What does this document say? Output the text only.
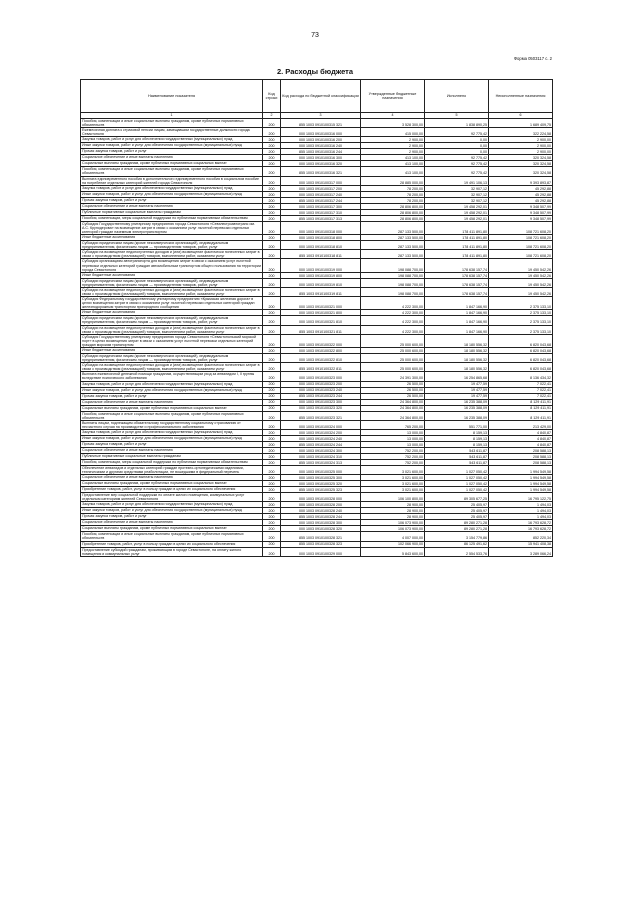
73
Форма 0503117 с. 2
2. Расходы бюджета
Наименование показателя	Код строки	Код расхода по бюджетной классификации	Утвержденные бюджетные назначения	Исполнено	Неисполненные назначения
1	2	3	4	5	6
Пособия, компенсации и иные социальные выплаты гражданам, кроме публичных нормативных обязательств	200	855 1003 0910100315 321	3 528 300,00	1 838 890,25	1 689 409,75
Ежемесячная доплата к страховой пенсии лицам, замещавшим государственные должности города Севастополя	200	000 1003 0910100316 000	415 000,00	92 775,42	322 224,58
Закупка товаров, работ и услуг для обеспечения государственных (муниципальных) нужд	200	000 1003 0910100316 200	2 900,00	0,00	2 900,00
Иные закупки товаров, работ и услуг для обеспечения государственных (муниципальных) нужд	200	000 1003 0910100316 240	2 900,00	0,00	2 900,00
Прочая закупка товаров, работ и услуг	200	855 1003 0910100316 244	2 900,00	0,00	2 900,00
Социальное обеспечение и иные выплаты населению	200	000 1003 0910100316 300	413 100,00	92 775,42	320 324,58
Социальные выплаты гражданам, кроме публичных нормативных социальных выплат	200	000 1003 0910100316 320	413 100,00	92 775,42	320 324,58
Пособия, компенсации и иные социальные выплаты гражданам, кроме публичных нормативных обязательств	200	855 1003 0910100316 321	413 100,00	92 775,42	320 324,58
Выплата единовременного пособия в дополнительного единовременного пособия в социальном пособие на погребение отдельных категорий жителей города Севастополя	200	000 1003 0910100317 000	28 885 000,00	19 491 106,13	9 393 893,87
Закупка товаров, работ и услуг для обеспечения государственных (муниципальных) нужд	200	000 1003 0910100317 200	78 200,00	32 907,12	45 292,88
Иные закупки товаров, работ и услуг для обеспечения государственных (муниципальных) нужд	200	000 1003 0910100317 240	78 200,00	32 907,12	45 292,88
Прочая закупка товаров, работ и услуг	200	855 1003 0910100317 244	78 200,00	32 907,12	45 292,88
Социальное обеспечение и иные выплаты населению	200	000 1003 0910100317 300	28 806 800,00	19 458 292,01	9 348 507,99
Публичные нормативные социальные выплаты гражданам	200	000 1003 0910100317 310	28 806 800,00	19 458 292,01	9 348 507,99
Пособия, компенсации, меры социальной поддержки по публичным нормативным обязательствам	200	855 1003 0910100317 313	28 806 800,00	19 458 292,01	9 348 507,99
Субсидия Государственному унитарному предприятию города Севастополя «Севэлектроавтотранс им. А.С. Круподерова» на возмещение затрат в связи с оказанием услуг льготной перевозки отдельных категорий граждан наземным электротранспортом	200	000 1003 0910100318 000	287 133 500,00	178 411 891,80	108 721 608,20
Иные бюджетные ассигнования	200	000 1003 0910100318 800	287 133 500,00	178 411 891,80	108 721 608,20
Субсидии юридическим лицам (кроме некоммерческих организаций), индивидуальным предпринимателям, физическим лицам — производителям товаров, работ, услуг	200	000 1003 0910100318 810	287 133 500,00	178 411 891,80	108 721 608,20
Субсидии на возмещение недополученных доходов и (или) возмещение фактически понесенных затрат в связи с производством (реализацией) товаров, выполнением работ, оказанием услуг	200	855 1003 0910100318 811	287 133 500,00	178 411 891,80	108 721 608,20
Субсидия организациям автотранспорта для возмещения затрат в связи с оказанием услуг льготной перевозки отдельных категорий граждан автомобильным транспортом общего пользования на территории города Севастополя	200	000 1003 0910100319 000	198 088 700,00	178 638 157,74	19 450 542,26
Иные бюджетные ассигнования	200	000 1003 0910100319 800	198 088 700,00	178 638 157,74	19 450 542,26
Субсидии юридическим лицам (кроме некоммерческих организаций), индивидуальным предпринимателям, физическим лицам — производителям товаров, работ, услуг	200	000 1003 0910100319 810	198 088 700,00	178 638 157,74	19 450 542,26
Субсидии на возмещение недополученных доходов и (или) возмещение фактически понесенных затрат в связи с производством (реализацией) товаров, выполнением работ, оказанием услуг	200	855 1003 0910100319 811	198 088 700,00	178 638 157,74	19 450 542,26
Субсидия Федеральному государственному унитарному предприятию «Крымская железная дорога» в целях возмещения затрат в связи с оказанием услуг льготной перевозки отдельных категорий граждан железнодорожным транспортом пригородного сообщения	200	000 1003 0910100321 000	4 222 300,00	1 847 166,90	2 375 133,10
Иные бюджетные ассигнования	200	000 1003 0910100321 800	4 222 300,00	1 847 166,90	2 375 133,10
Субсидии юридическим лицам (кроме некоммерческих организаций), индивидуальным предпринимателям, физическим лицам — производителям товаров, работ, услуг	200	000 1003 0910100321 810	4 222 300,00	1 847 166,90	2 375 133,10
Субсидии на возмещение недополученных доходов и (или) возмещение фактически понесенных затрат в связи с производством (реализацией) товаров, выполнением работ, оказанием услуг	200	855 1003 0910100321 811	4 222 300,00	1 847 166,90	2 375 133,10
Субсидия Государственному унитарному предприятию города Севастополя «Севастопольский морской порт» в целях возмещения затрат в связи с оказанием услуг льготной перевозки отдельных категорий граждан морским транспортом	200	000 1003 0910100322 000	25 000 600,00	18 180 556,32	6 820 043,68
Иные бюджетные ассигнования	200	000 1003 0910100322 800	25 000 600,00	18 180 556,32	6 820 043,68
Субсидии юридическим лицам (кроме некоммерческих организаций), индивидуальным предпринимателям, физическим лицам — производителям товаров, работ, услуг	200	000 1003 0910100322 810	25 000 600,00	18 180 556,32	6 820 043,68
Субсидии на возмещение недополученных доходов и (или) возмещение фактически понесенных затрат в связи с производством (реализацией) товаров, выполнением работ, оказанием услуг	200	855 1003 0910100322 811	25 000 600,00	18 180 556,32	6 820 043,68
Выплата ежемесячной денежной помощи гражданам, осуществляющим уход за инвалидом I, II группы вследствие психического заболевания	200	000 1003 0910100323 000	24 391 300,00	16 254 865,68	8 136 434,32
Закупка товаров, работ и услуг для обеспечения государственных (муниципальных) нужд	200	000 1003 0910100323 200	26 500,00	19 477,59	7 022,41
Иные закупки товаров, работ и услуг для обеспечения государственных (муниципальных) нужд	200	000 1003 0910100323 240	26 500,00	19 477,59	7 022,41
Прочая закупка товаров, работ и услуг	200	855 1003 0910100323 244	26 500,00	19 477,59	7 022,41
Социальное обеспечение и иные выплаты населению	200	000 1003 0910100323 300	24 364 800,00	16 235 388,09	8 129 411,91
Социальные выплаты гражданам, кроме публичных нормативных социальных выплат	200	000 1003 0910100323 320	24 364 800,00	16 235 388,09	8 129 411,91
Пособия, компенсации и иные социальные выплаты гражданам, кроме публичных нормативных обязательств	200	855 1003 0910100323 321	24 364 800,00	16 235 388,09	8 129 411,91
Выплаты лицам, подлежащим обязательному государственному социальному страхованию от несчастного случая на производстве и профессионального заболевания	200	000 1003 0910100324 000	765 200,00	551 771,00	213 429,00
Закупка товаров, работ и услуг для обеспечения государственных (муниципальных) нужд	200	000 1003 0910100324 200	13 000,00	8 159,13	4 840,87
Иные закупки товаров, работ и услуг для обеспечения государственных (муниципальных) нужд	200	000 1003 0910100324 240	13 000,00	8 159,13	4 840,87
Прочая закупка товаров, работ и услуг	200	855 1003 0910100324 244	13 000,00	8 159,13	4 840,87
Социальное обеспечение и иные выплаты населению	200	000 1003 0910100324 300	752 200,00	543 611,87	208 588,13
Публичные нормативные социальные выплаты гражданам	200	000 1003 0910100324 310	752 200,00	543 611,87	208 588,13
Пособия, компенсации, меры социальной поддержки по публичным нормативным обязательствам	200	855 1003 0910100324 313	752 200,00	543 611,87	208 588,13
Обеспечение инвалидов и отдельных категорий граждан протезно-ортопедическими изделиями, техническими и другими средствами реабилитации, не вошедшими в федеральный перечень	200	000 1003 0910100325 000	3 021 600,00	1 027 050,42	1 994 549,58
Социальное обеспечение и иные выплаты населению	200	000 1003 0910100325 300	3 021 600,00	1 027 050,42	1 994 549,58
Социальные выплаты гражданам, кроме публичных нормативных социальных выплат	200	000 1003 0910100325 320	3 021 600,00	1 027 050,42	1 994 549,58
Приобретение товаров, работ, услуг в пользу граждан в целях их социального обеспечения	200	855 1003 0910100325 323	3 021 600,00	1 027 050,42	1 994 549,58
Предоставление мер социальной поддержки по оплате жилого помещения, коммунальных услуг отдельным категориям жителей Севастополя	200	000 1003 0910100328 000	106 100 800,00	89 305 677,25	16 795 122,75
Закупка товаров, работ и услуг для обеспечения государственных (муниципальных) нужд	200	000 1003 0910100328 200	28 900,00	25 405,97	1 494,03
Иные закупки товаров, работ и услуг для обеспечения государственных (муниципальных) нужд	200	000 1003 0910100328 240	28 900,00	25 405,97	1 494,03
Прочая закупка товаров, работ и услуг	200	855 1003 0910100328 244	28 900,00	25 405,97	1 494,03
Социальное обеспечение и иные выплаты населению	200	000 1003 0910100328 300	106 073 900,00	89 280 271,28	16 793 628,72
Социальные выплаты гражданам, кроме публичных нормативных социальных выплат	200	000 1003 0910100328 320	106 073 900,00	89 280 271,28	16 793 628,72
Пособия, компенсации и иные социальные выплаты гражданам, кроме публичных нормативных обязательств	200	855 1003 0910100328 321	4 007 000,00	3 154 779,86	852 220,34
Приобретение товаров, работ, услуг в пользу граждан в целях их социального обеспечения	200	855 1003 0910100328 323	102 066 900,00	86 125 491,62	15 941 408,38
Предоставление субсидий гражданам, проживающим в городе Севастополе, на оплату жилого помещения и коммунальных услуг	200	000 1003 0910100329 000	5 843 600,00	2 554 533,76	3 289 066,24
